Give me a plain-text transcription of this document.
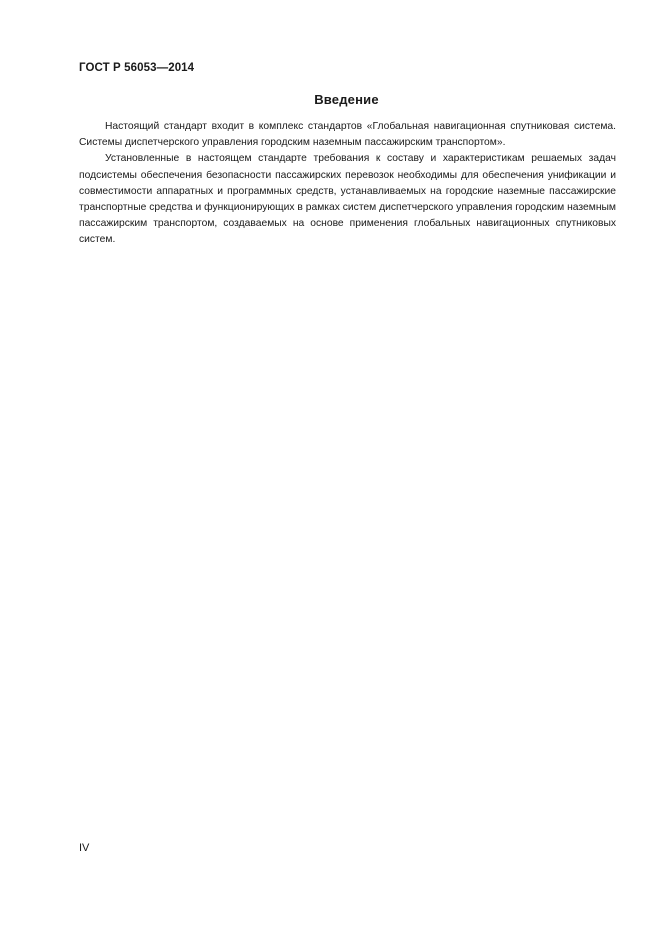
ГОСТ Р 56053—2014
Введение

Настоящий стандарт входит в комплекс стандартов «Глобальная навигационная спутниковая система. Системы диспетчерского управления городским наземным пассажирским транспортом».

Установленные в настоящем стандарте требования к составу и характеристикам решаемых задач подсистемы обеспечения безопасности пассажирских перевозок необходимы для обеспечения унификации и совместимости аппаратных и программных средств, устанавливаемых на городские наземные пассажирские транспортные средства и функционирующих в рамках систем диспетчерского управления городским наземным пассажирским транспортом, создаваемых на основе применения глобальных навигационных спутниковых систем.

IV
